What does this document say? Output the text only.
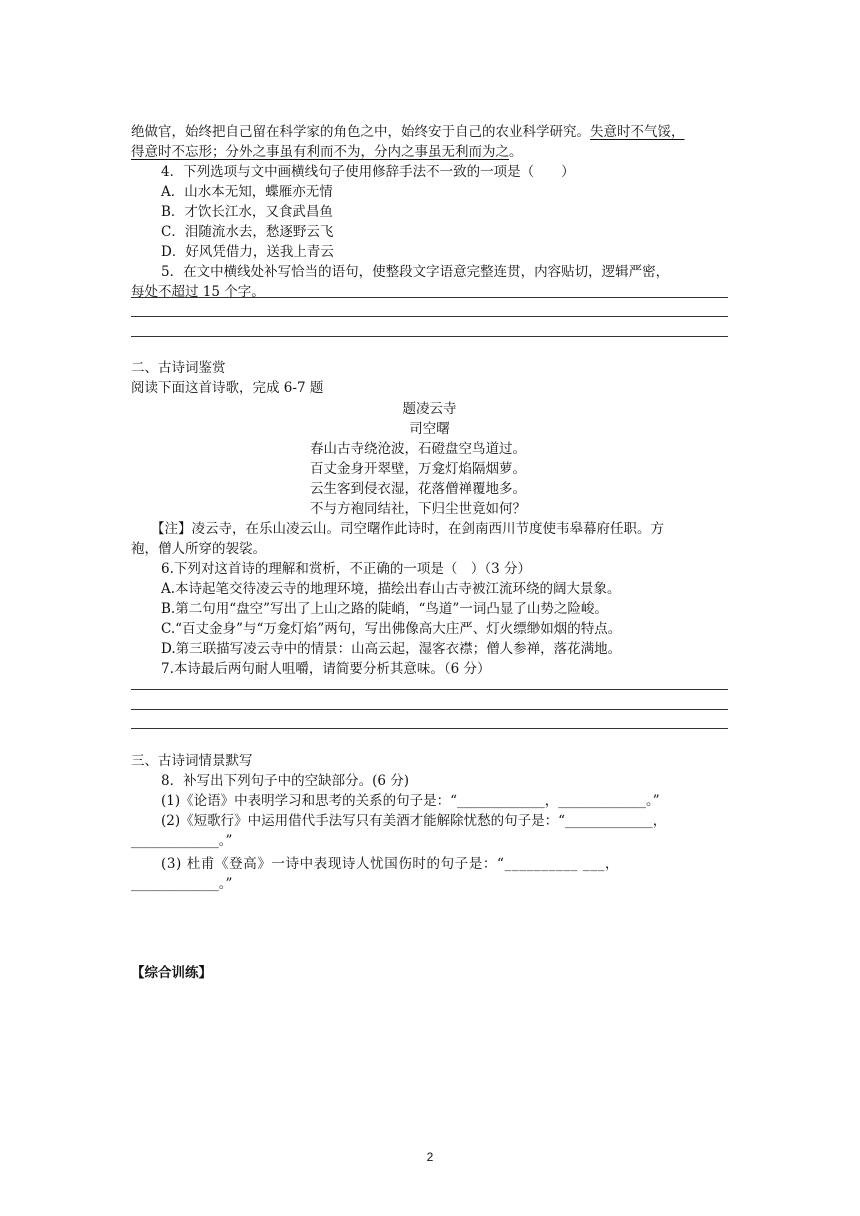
绝做官，始终把自己留在科学家的角色之中，始终安于自己的农业科学研究。失意时不气馁，
得意时不忘形；分外之事虽有利而不为，分内之事虽无利而为之。
4．下列选项与文中画横线句子使用修辞手法不一致的一项是（　　）
A．山水本无知，蝶雁亦无情
B．才饮长江水，又食武昌鱼
C．泪随流水去，愁逐野云飞
D．好风凭借力，送我上青云
5．在文中横线处补写恰当的语句，使整段文字语意完整连贯，内容贴切，逻辑严密，
每处不超过 15 个字。
二、古诗词鉴赏
阅读下面这首诗歌，完成 6-7 题
题凌云寺
司空曙
春山古寺绕沧波，石磴盘空鸟道过。
百丈金身开翠壁，万龛灯焰隔烟萝。
云生客到侵衣湿，花落僧禅覆地多。
不与方袍同结社，下归尘世竟如何？
【注】凌云寺，在乐山凌云山。司空曙作此诗时，在剑南西川节度使韦皋幕府任职。方
袍，僧人所穿的袈裟。
6.下列对这首诗的理解和赏析，不正确的一项是（　）（3 分）
A.本诗起笔交待凌云寺的地理环境，描绘出春山古寺被江流环绕的阔大景象。
B.第二句用“盘空”写出了上山之路的陡峭，“鸟道”一词凸显了山势之险峻。
C.“百丈金身”与“万龛灯焰”两句，写出佛像高大庄严、灯火缥缈如烟的特点。
D.第三联描写凌云寺中的情景：山高云起，湿客衣襟；僧人参禅，落花满地。
7.本诗最后两句耐人咀嚼，请简要分析其意味。（6 分）
三、古诗词情景默写
8．补写出下列句子中的空缺部分。(6 分)
(1)《论语》中表明学习和思考的关系的句子是：“_____________，_____________。”
(2)《短歌行》中运用借代手法写只有美酒才能解除忧愁的句子是：“_____________，
_____________。”
(3) 杜甫《登高》一诗中表现诗人忧国伤时的句子是：“__________ ___，
_____________。”
【综合训练】
2
